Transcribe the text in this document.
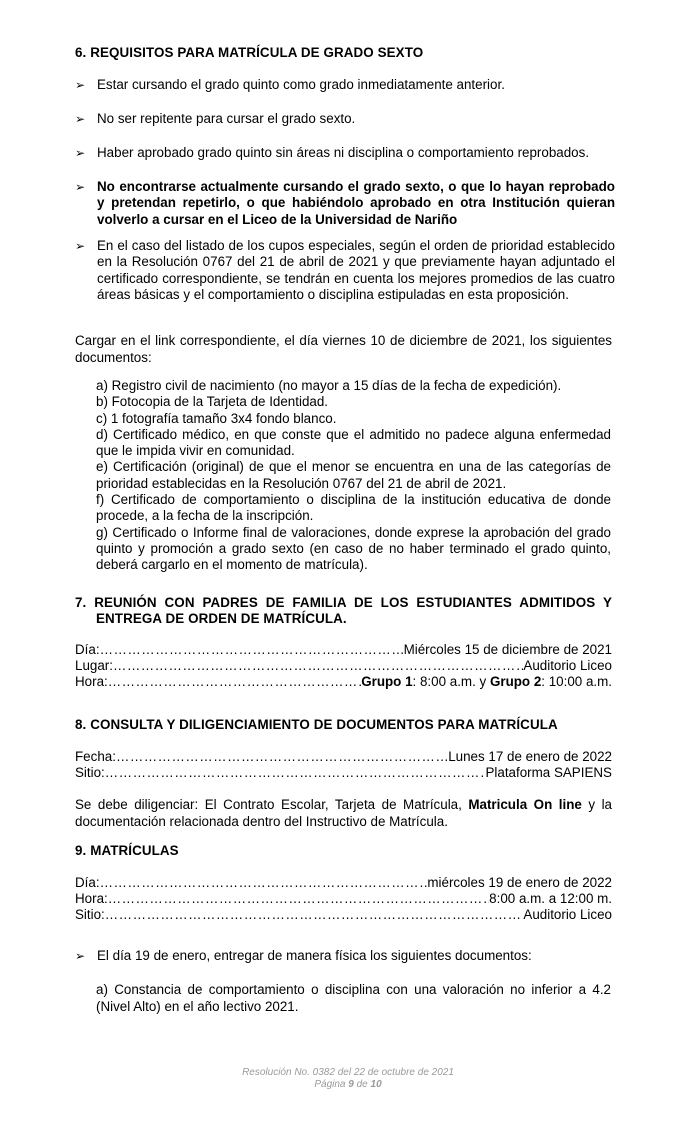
6. REQUISITOS PARA MATRÍCULA DE GRADO SEXTO
➢ Estar cursando el grado quinto como grado inmediatamente anterior.
➢ No ser repitente para cursar el grado sexto.
➢ Haber aprobado grado quinto sin áreas ni disciplina o comportamiento reprobados.
➢ No encontrarse actualmente cursando el grado sexto, o que lo hayan reprobado y pretendan repetirlo, o que habiéndolo aprobado en otra Institución quieran volverlo a cursar en el Liceo de la Universidad de Nariño
➢ En el caso del listado de los cupos especiales, según el orden de prioridad establecido en la Resolución 0767 del 21 de abril de 2021 y que previamente hayan adjuntado el certificado correspondiente, se tendrán en cuenta los mejores promedios de las cuatro áreas básicas y el comportamiento o disciplina estipuladas en esta proposición.
Cargar en el link correspondiente, el día viernes 10 de diciembre de 2021, los siguientes documentos:
a) Registro civil de nacimiento (no mayor a 15 días de la fecha de expedición).
b) Fotocopia de la Tarjeta de Identidad.
c) 1 fotografía tamaño 3x4 fondo blanco.
d) Certificado médico, en que conste que el admitido no padece alguna enfermedad que le impida vivir en comunidad.
e) Certificación (original) de que el menor se encuentra en una de las categorías de prioridad establecidas en la Resolución 0767 del 21 de abril de 2021.
f) Certificado de comportamiento o disciplina de la institución educativa de donde procede, a la fecha de la inscripción.
g) Certificado o Informe final de valoraciones, donde exprese la aprobación del grado quinto y promoción a grado sexto (en caso de no haber terminado el grado quinto, deberá cargarlo en el momento de matrícula).
7. REUNIÓN CON PADRES DE FAMILIA DE LOS ESTUDIANTES ADMITIDOS Y
ENTREGA DE ORDEN DE MATRÍCULA.
Día: …………………………………………………………………………………………………………………………………………………………	Miércoles 15 de diciembre de 2021
Lugar: …………………………………………………………………………………………………………………………………………………………	Auditorio Liceo
Hora: …………………………………………………………………………………………………………………………………………………………	Grupo 1: 8:00 a.m. y Grupo 2: 10:00 a.m.
8. CONSULTA Y DILIGENCIAMIENTO DE DOCUMENTOS PARA MATRÍCULA
Fecha: …………………………………………………………………………………………………………………………………………………………	Lunes 17 de enero de 2022
Sitio: …………………………………………………………………………………………………………………………………………………………	Plataforma SAPIENS
Se debe diligenciar: El Contrato Escolar, Tarjeta de Matrícula, Matricula On line y la documentación relacionada dentro del Instructivo de Matrícula.
9. MATRÍCULAS
Día: …………………………………………………………………………………………………………………………………………………………	miércoles 19 de enero de 2022
Hora: …………………………………………………………………………………………………………………………………………………………	8:00 a.m. a 12:00 m.
Sitio: …………………………………………………………………………………………………………………………………………………………	Auditorio Liceo
➢ El día 19 de enero, entregar de manera física los siguientes documentos:
a) Constancia de comportamiento o disciplina con una valoración no inferior a 4.2 (Nivel Alto) en el año lectivo 2021.
Resolución No. 0382 del 22 de octubre de 2021
Página 9 de 10
